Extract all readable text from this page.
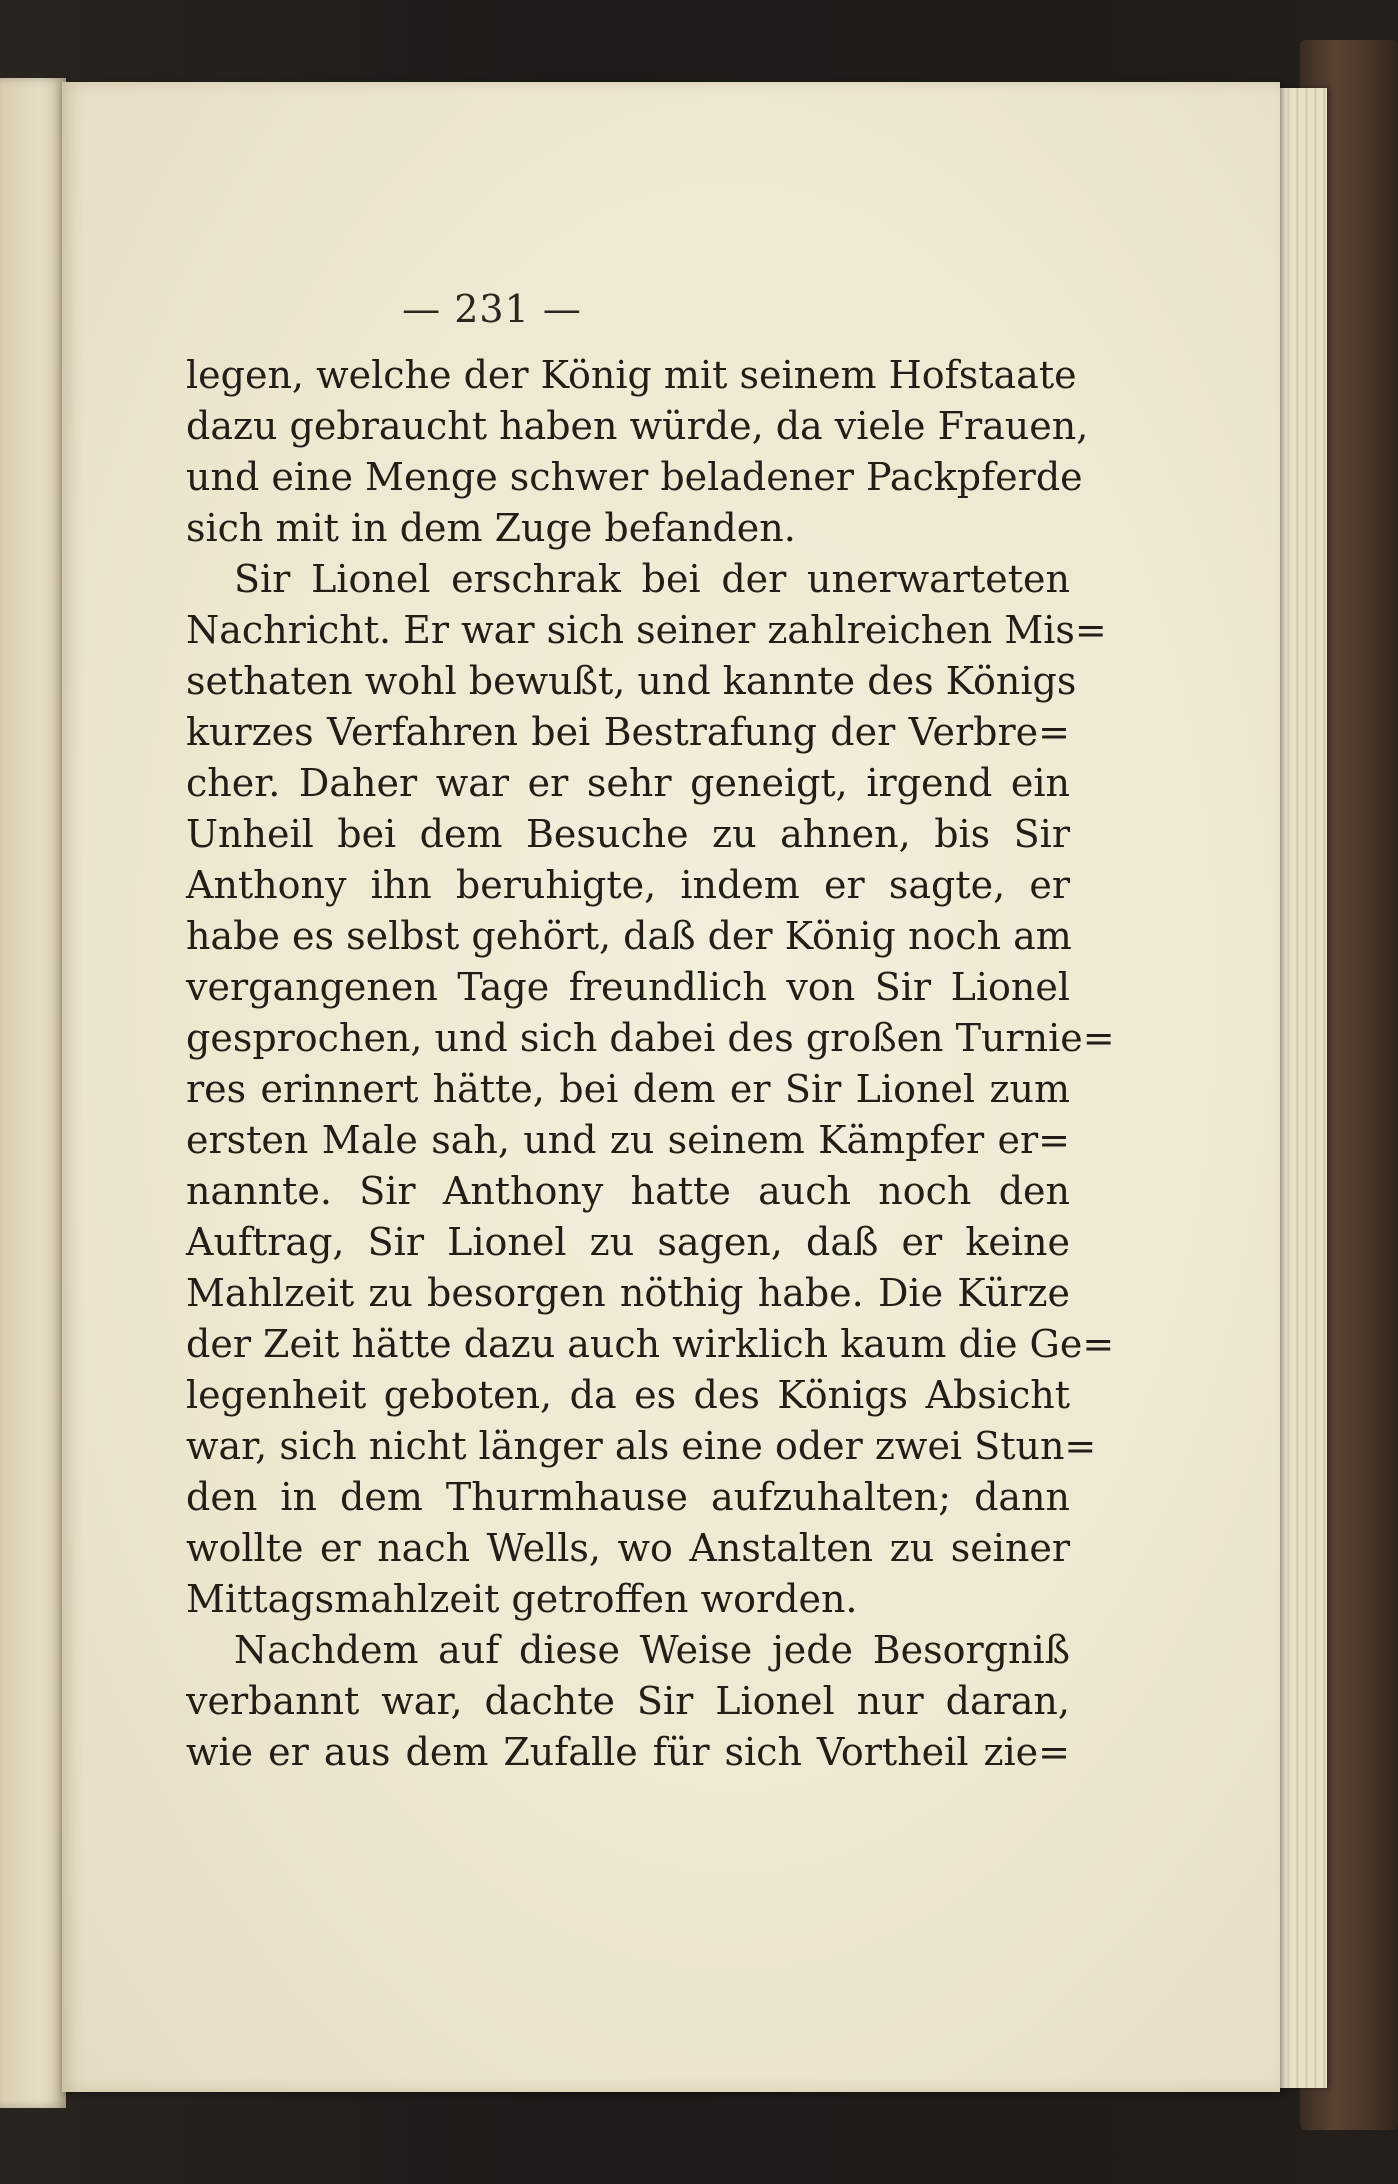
— 231 —
legen, welche der König mit seinem Hofstaate
dazu gebraucht haben würde, da viele Frauen,
und eine Menge schwer beladener Packpferde
sich mit in dem Zuge befanden.
Sir Lionel erschrak bei der unerwarteten
Nachricht. Er war sich seiner zahlreichen Mis=
sethaten wohl bewußt, und kannte des Königs
kurzes Verfahren bei Bestrafung der Verbre=
cher. Daher war er sehr geneigt, irgend ein
Unheil bei dem Besuche zu ahnen, bis Sir
Anthony ihn beruhigte, indem er sagte, er
habe es selbst gehört, daß der König noch am
vergangenen Tage freundlich von Sir Lionel
gesprochen, und sich dabei des großen Turnie=
res erinnert hätte, bei dem er Sir Lionel zum
ersten Male sah, und zu seinem Kämpfer er=
nannte. Sir Anthony hatte auch noch den
Auftrag, Sir Lionel zu sagen, daß er keine
Mahlzeit zu besorgen nöthig habe. Die Kürze
der Zeit hätte dazu auch wirklich kaum die Ge=
legenheit geboten, da es des Königs Absicht
war, sich nicht länger als eine oder zwei Stun=
den in dem Thurmhause aufzuhalten; dann
wollte er nach Wells, wo Anstalten zu seiner
Mittagsmahlzeit getroffen worden.
Nachdem auf diese Weise jede Besorgniß
verbannt war, dachte Sir Lionel nur daran,
wie er aus dem Zufalle für sich Vortheil zie=
